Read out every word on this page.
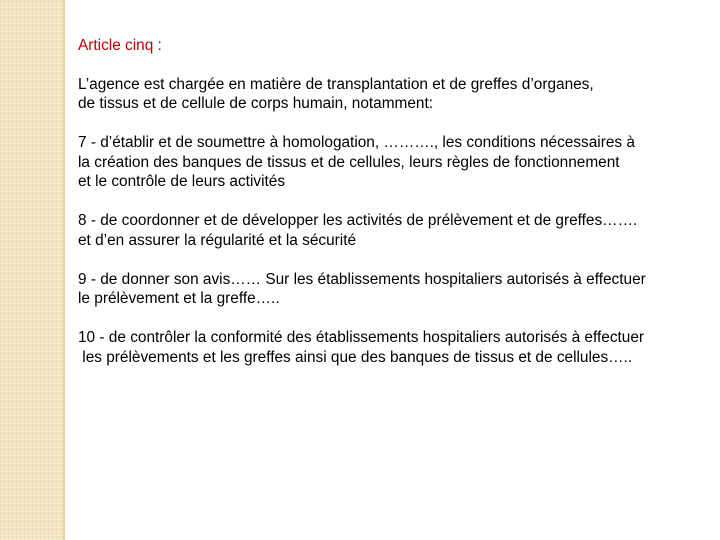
Article cinq :
L’agence est chargée en matière de transplantation et de greffes d’organes,
de tissus et de cellule de corps humain, notamment:
7 - d’établir et de soumettre à homologation, ………., les conditions nécessaires à
la création des banques de tissus et de cellules, leurs règles de fonctionnement
et le contrôle de leurs activités
8 - de coordonner et de développer les activités de prélèvement et de greffes…….
et d’en assurer la régularité et la sécurité
9 - de donner son avis…… Sur les établissements hospitaliers autorisés à effectuer
le prélèvement et la greffe…..
10 - de contrôler la conformité des établissements hospitaliers autorisés à effectuer
les prélèvements et les greffes ainsi que des banques de tissus et de cellules…..
